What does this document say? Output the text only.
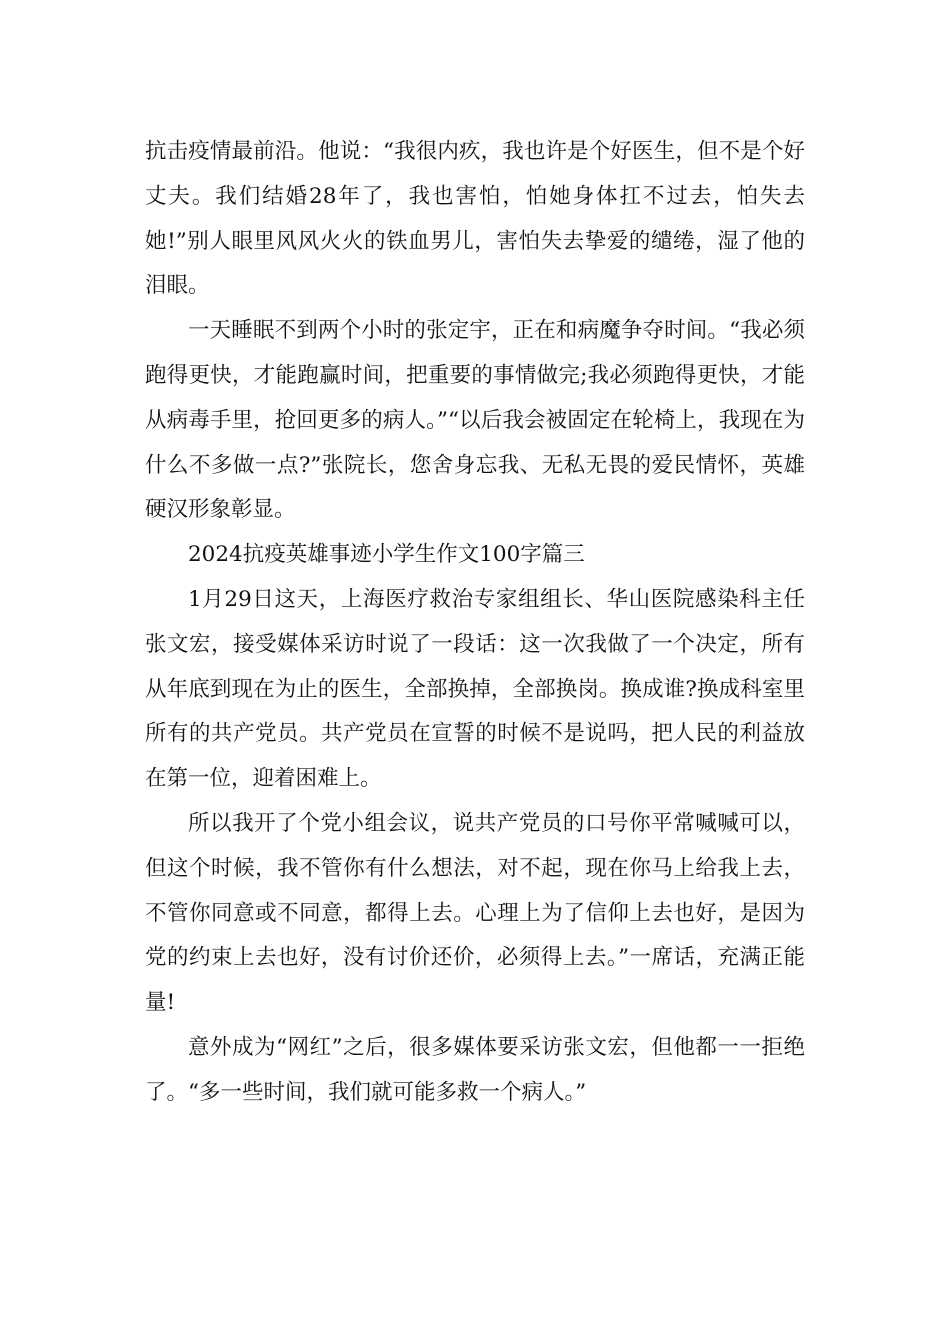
抗击疫情最前沿。他说：“我很内疚，我也许是个好医生，但不是个好丈夫。我们结婚28年了，我也害怕，怕她身体扛不过去，怕失去她!”别人眼里风风火火的铁血男儿，害怕失去挚爱的缱绻，湿了他的泪眼。

一天睡眠不到两个小时的张定宇，正在和病魔争夺时间。“我必须跑得更快，才能跑赢时间，把重要的事情做完;我必须跑得更快，才能从病毒手里，抢回更多的病人。”“以后我会被固定在轮椅上，我现在为什么不多做一点?”张院长，您舍身忘我、无私无畏的爱民情怀，英雄硬汉形象彰显。

2024抗疫英雄事迹小学生作文100字篇三

1月29日这天，上海医疗救治专家组组长、华山医院感染科主任张文宏，接受媒体采访时说了一段话：这一次我做了一个决定，所有从年底到现在为止的医生，全部换掉，全部换岗。换成谁?换成科室里所有的共产党员。共产党员在宣誓的时候不是说吗，把人民的利益放在第一位，迎着困难上。

所以我开了个党小组会议，说共产党员的口号你平常喊喊可以，但这个时候，我不管你有什么想法，对不起，现在你马上给我上去，不管你同意或不同意，都得上去。心理上为了信仰上去也好，是因为党的约束上去也好，没有讨价还价，必须得上去。”一席话，充满正能量!

意外成为“网红”之后，很多媒体要采访张文宏，但他都一一拒绝了。“多一些时间，我们就可能多救一个病人。”
